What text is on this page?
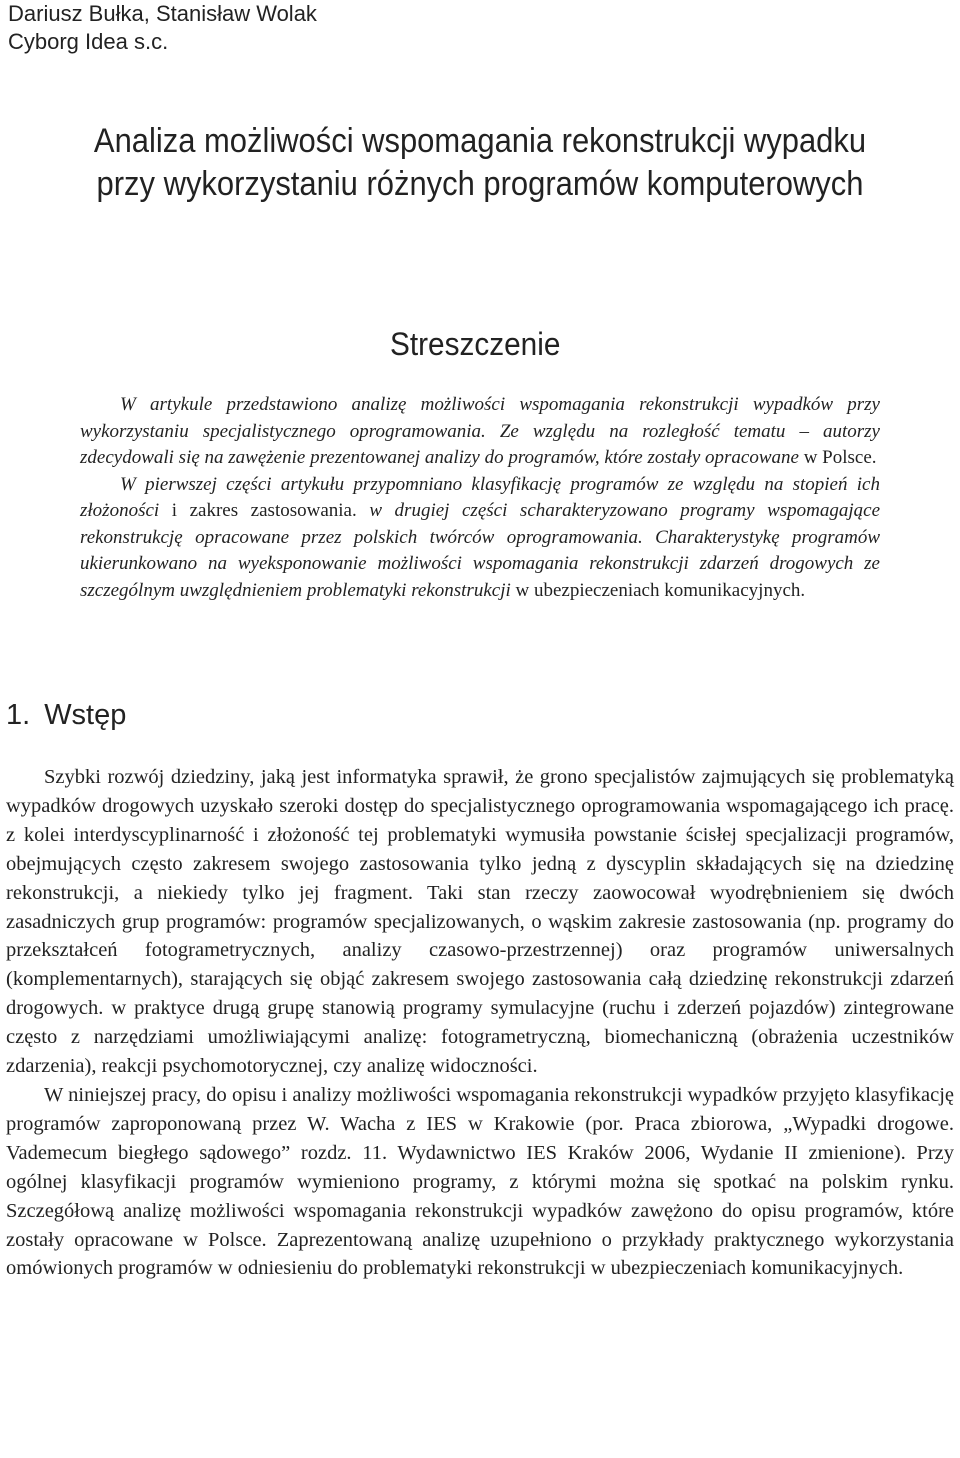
Dariusz Bułka, Stanisław Wolak
Cyborg Idea s.c.
Analiza możliwości wspomagania rekonstrukcji wypadku
przy wykorzystaniu różnych programów komputerowych
Streszczenie

W artykule przedstawiono analizę możliwości wspomagania rekonstrukcji wypadków przy wykorzystaniu specjalistycznego oprogramowania. Ze względu na rozległość tematu – autorzy zdecydowali się na zawężenie prezentowanej analizy do programów, które zostały opracowane w Polsce.

W pierwszej części artykułu przypomniano klasyfikację programów ze względu na stopień ich złożoności i zakres zastosowania. w drugiej części scharakteryzowano programy wspomagające rekonstrukcję opracowane przez polskich twórców oprogramowania. Charakterystykę programów ukierunkowano na wyeksponowanie możliwości wspomagania rekonstrukcji zdarzeń drogowych ze szczególnym uwzględnieniem problematyki rekonstrukcji w ubezpieczeniach komunikacyjnych.

1. Wstęp

Szybki rozwój dziedziny, jaką jest informatyka sprawił, że grono specjalistów zajmujących się problematyką wypadków drogowych uzyskało szeroki dostęp do specjalistycznego oprogramowania wspomagającego ich pracę. z kolei interdyscyplinarność i złożoność tej problematyki wymusiła powstanie ścisłej specjalizacji programów, obejmujących często zakresem swojego zastosowania tylko jedną z dyscyplin składających się na dziedzinę rekonstrukcji, a niekiedy tylko jej fragment. Taki stan rzeczy zaowocował wyodrębnieniem się dwóch zasadniczych grup programów: programów specjalizowanych, o wąskim zakresie zastosowania (np. programy do przekształceń fotogrametrycznych, analizy czasowo-przestrzennej) oraz programów uniwersalnych (komplementarnych), starających się objąć zakresem swojego zastosowania całą dziedzinę rekonstrukcji zdarzeń drogowych. w praktyce drugą grupę stanowią programy symulacyjne (ruchu i zderzeń pojazdów) zintegrowane często z narzędziami umożliwiającymi analizę: fotogrametryczną, biomechaniczną (obrażenia uczestników zdarzenia), reakcji psychomotorycznej, czy analizę widoczności.

W niniejszej pracy, do opisu i analizy możliwości wspomagania rekonstrukcji wypadków przyjęto klasyfikację programów zaproponowaną przez W. Wacha z IES w Krakowie (por. Praca zbiorowa, „Wypadki drogowe. Vademecum biegłego sądowego” rozdz. 11. Wydawnictwo IES Kraków 2006, Wydanie II zmienione). Przy ogólnej klasyfikacji programów wymieniono programy, z którymi można się spotkać na polskim rynku. Szczegółową analizę możliwości wspomagania rekonstrukcji wypadków zawężono do opisu programów, które zostały opracowane w Polsce. Zaprezentowaną analizę uzupełniono o przykłady praktycznego wykorzystania omówionych programów w odniesieniu do problematyki rekonstrukcji w ubezpieczeniach komunikacyjnych.
